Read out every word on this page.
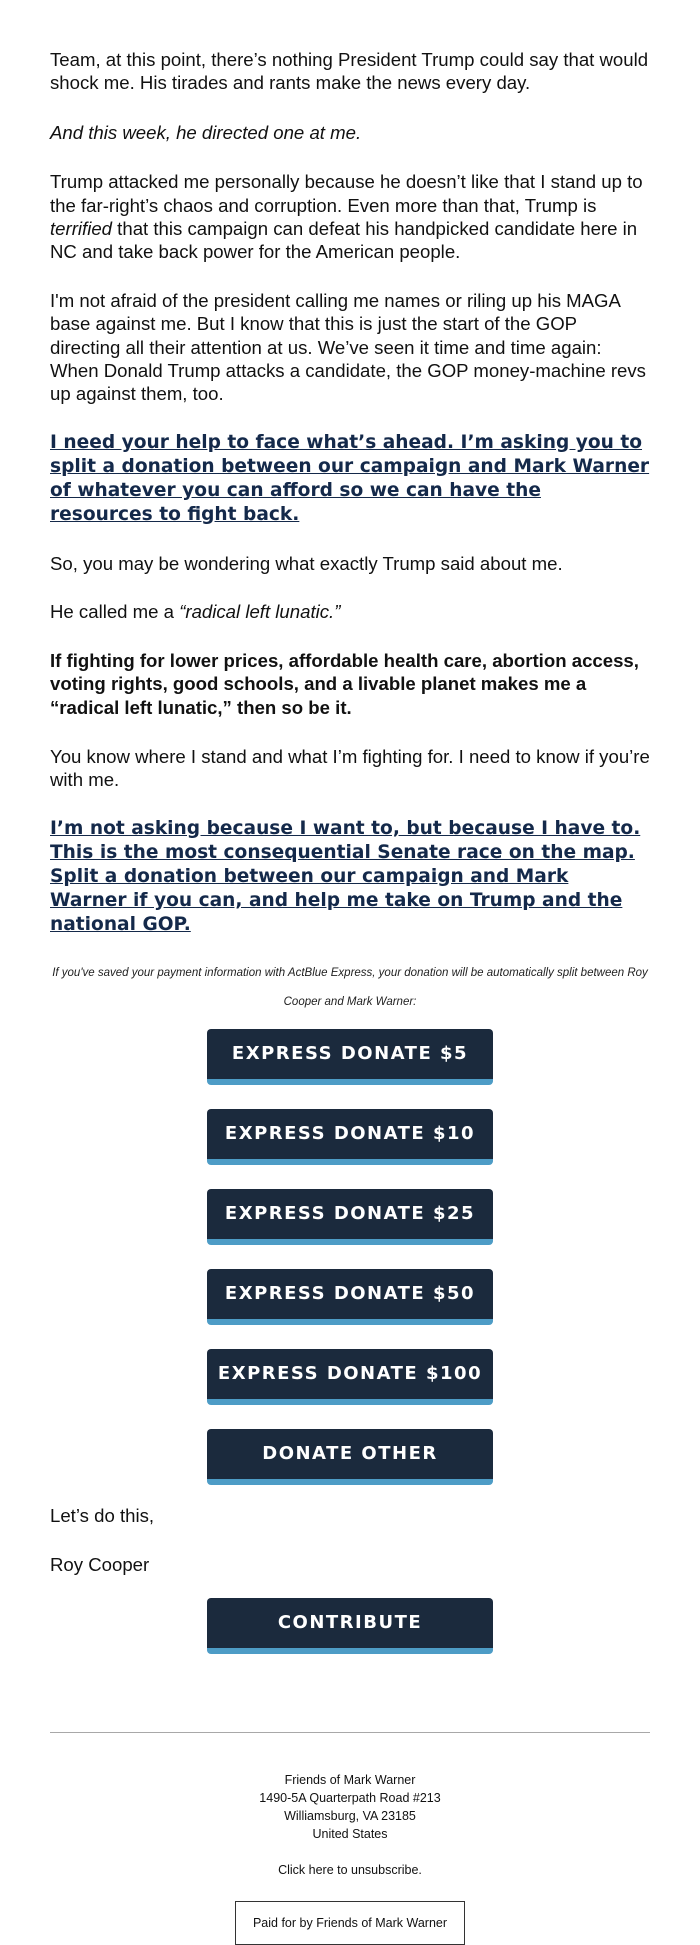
Team, at this point, there’s nothing President Trump could say that would shock me. His tirades and rants make the news every day.

And this week, he directed one at me.

Trump attacked me personally because he doesn’t like that I stand up to the far-right’s chaos and corruption. Even more than that, Trump is terrified that this campaign can defeat his handpicked candidate here in NC and take back power for the American people.

I'm not afraid of the president calling me names or riling up his MAGA base against me. But I know that this is just the start of the GOP directing all their attention at us. We’ve seen it time and time again: When Donald Trump attacks a candidate, the GOP money-machine revs up against them, too.

I need your help to face what’s ahead. I’m asking you to split a donation between our campaign and Mark Warner of whatever you can afford so we can have the resources to fight back.

So, you may be wondering what exactly Trump said about me.

He called me a “radical left lunatic.”

If fighting for lower prices, affordable health care, abortion access, voting rights, good schools, and a livable planet makes me a “radical left lunatic,” then so be it.

You know where I stand and what I’m fighting for. I need to know if you’re with me.

I’m not asking because I want to, but because I have to. This is the most consequential Senate race on the map. Split a donation between our campaign and Mark Warner if you can, and help me take on Trump and the national GOP.
If you've saved your payment information with ActBlue Express, your donation will be automatically split between Roy Cooper and Mark Warner:
EXPRESS DONATE $5
EXPRESS DONATE $10
EXPRESS DONATE $25
EXPRESS DONATE $50
EXPRESS DONATE $100
DONATE OTHER

Let’s do this,

Roy Cooper

CONTRIBUTE
Friends of Mark Warner
1490-5A Quarterpath Road #213
Williamsburg, VA 23185
United States
Click here to unsubscribe.
Paid for by Friends of Mark Warner
